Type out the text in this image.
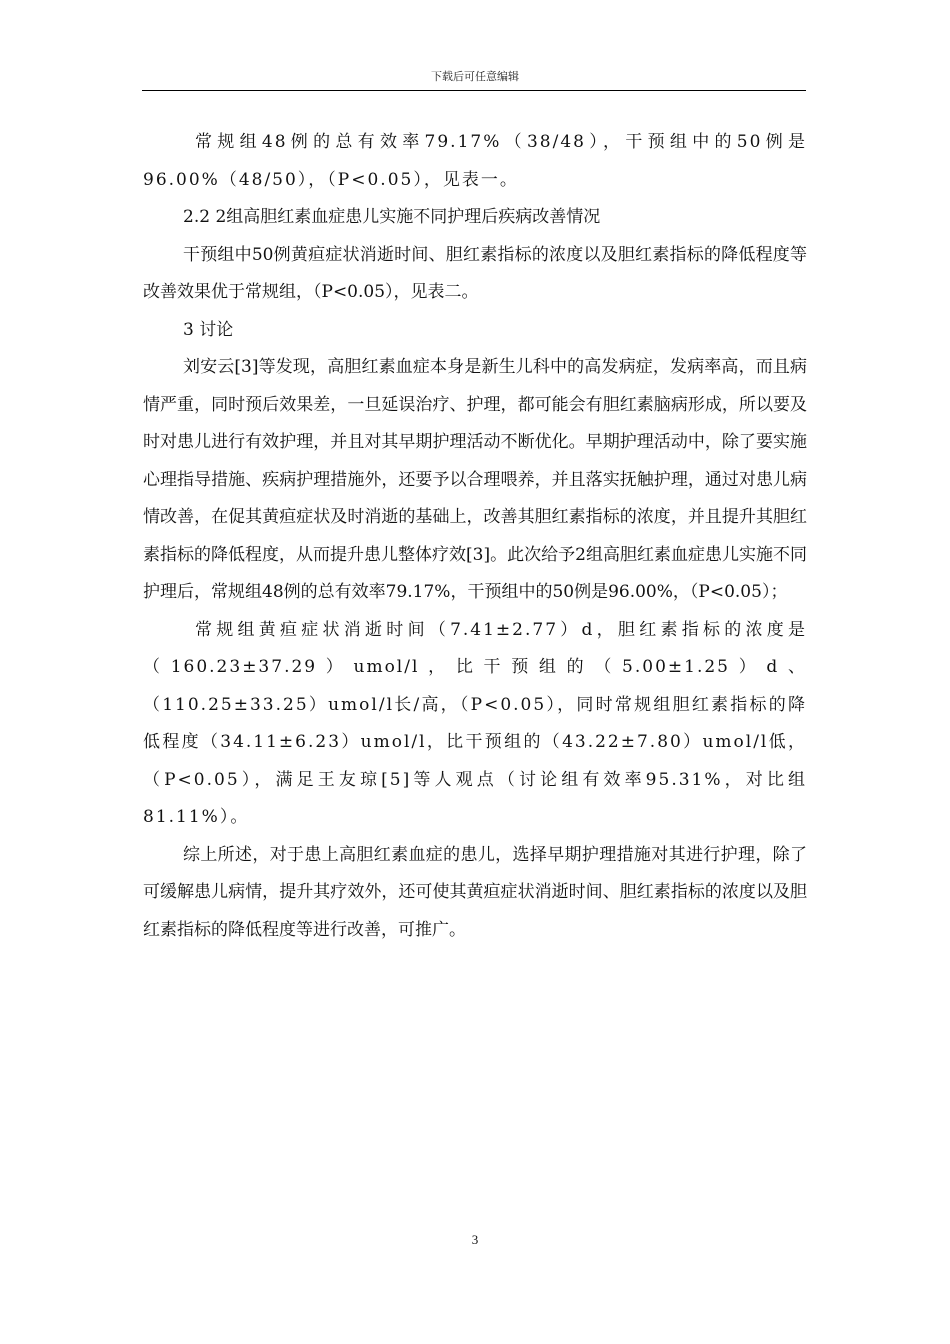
下载后可任意编辑

常规组48例的总有效率79.17%（38/48），干预组中的50例是96.00%（48/50），（P<0.05），见表一。

2.2 2组高胆红素血症患儿实施不同护理后疾病改善情况

干预组中50例黄疸症状消逝时间、胆红素指标的浓度以及胆红素指标的降低程度等改善效果优于常规组，（P<0.05），见表二。

3 讨论

刘安云[3]等发现，高胆红素血症本身是新生儿科中的高发病症，发病率高，而且病情严重，同时预后效果差，一旦延误治疗、护理，都可能会有胆红素脑病形成，所以要及时对患儿进行有效护理，并且对其早期护理活动不断优化。早期护理活动中，除了要实施心理指导措施、疾病护理措施外，还要予以合理喂养，并且落实抚触护理，通过对患儿病情改善，在促其黄疸症状及时消逝的基础上，改善其胆红素指标的浓度，并且提升其胆红素指标的降低程度，从而提升患儿整体疗效[3]。此次给予2组高胆红素血症患儿实施不同护理后，常规组48例的总有效率79.17%，干预组中的50例是96.00%，（P<0.05）；

常规组黄疸症状消逝时间（7.41±2.77）d，胆红素指标的浓度是（160.23±37.29）umol/l，比干预组的（5.00±1.25）d、（110.25±33.25）umol/l长/高，（P<0.05），同时常规组胆红素指标的降低程度（34.11±6.23）umol/l，比干预组的（43.22±7.80）umol/l低，（P<0.05），满足王友琼[5]等人观点（讨论组有效率95.31%，对比组81.11%）。

综上所述，对于患上高胆红素血症的患儿，选择早期护理措施对其进行护理，除了可缓解患儿病情，提升其疗效外，还可使其黄疸症状消逝时间、胆红素指标的浓度以及胆红素指标的降低程度等进行改善，可推广。

3
